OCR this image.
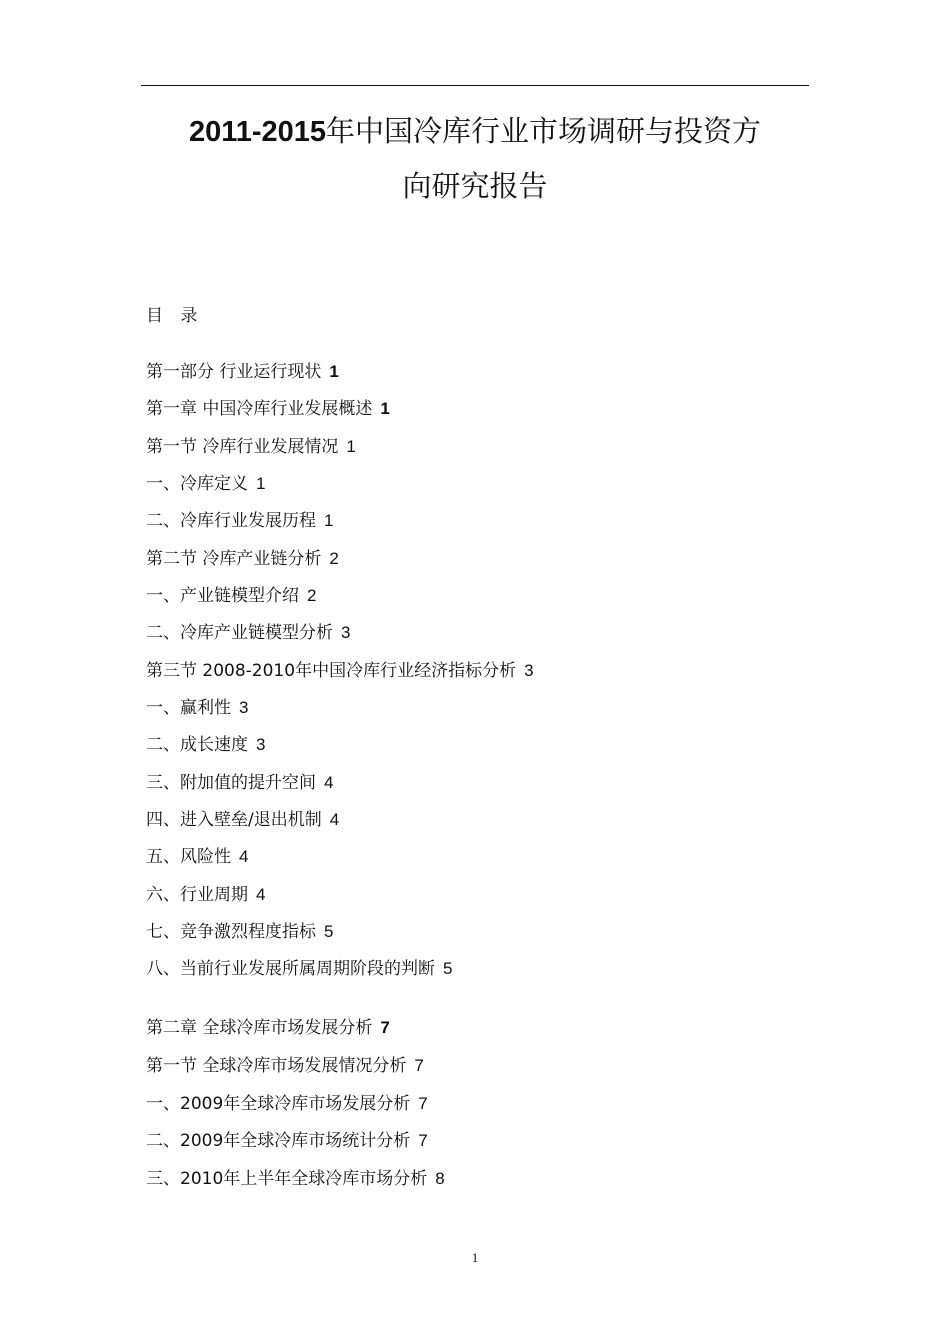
2011-2015年中国冷库行业市场调研与投资方
向研究报告
目 录
第一部分 行业运行现状 1
第一章 中国冷库行业发展概述 1
第一节 冷库行业发展情况 1
一、冷库定义 1
二、冷库行业发展历程 1
第二节 冷库产业链分析 2
一、产业链模型介绍 2
二、冷库产业链模型分析 3
第三节 2008-2010年中国冷库行业经济指标分析 3
一、赢利性 3
二、成长速度 3
三、附加值的提升空间 4
四、进入壁垒/退出机制 4
五、风险性 4
六、行业周期 4
七、竞争激烈程度指标 5
八、当前行业发展所属周期阶段的判断 5
第二章 全球冷库市场发展分析 7
第一节 全球冷库市场发展情况分析 7
一、2009年全球冷库市场发展分析 7
二、2009年全球冷库市场统计分析 7
三、2010年上半年全球冷库市场分析 8
1
